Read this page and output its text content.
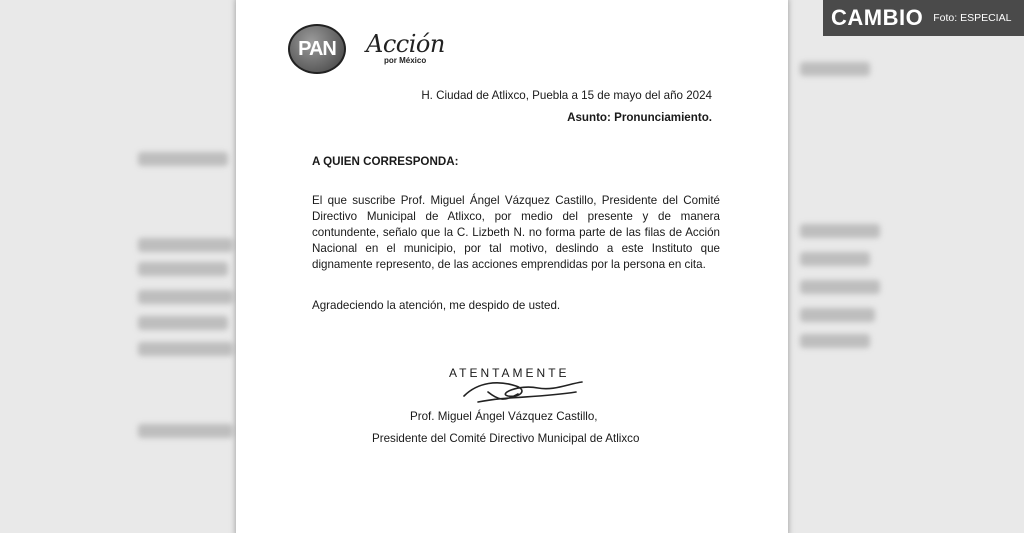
PAN Acción
por México
H. Ciudad de Atlixco, Puebla a 15 de mayo del año 2024
Asunto: Pronunciamiento.
A QUIEN CORRESPONDA:
El que suscribe Prof. Miguel Ángel Vázquez Castillo, Presidente del Comité Directivo Municipal de Atlixco, por medio del presente y de manera contundente, señalo que la C. Lizbeth N. no forma parte de las filas de Acción Nacional en el municipio, por tal motivo, deslindo a este Instituto que dignamente represento, de las acciones emprendidas por la persona en cita.
Agradeciendo la atención, me despido de usted.
ATENTAMENTE
Prof. Miguel Ángel Vázquez Castillo,
Presidente del Comité Directivo Municipal de Atlixco
CAMBIO Foto: ESPECIAL
